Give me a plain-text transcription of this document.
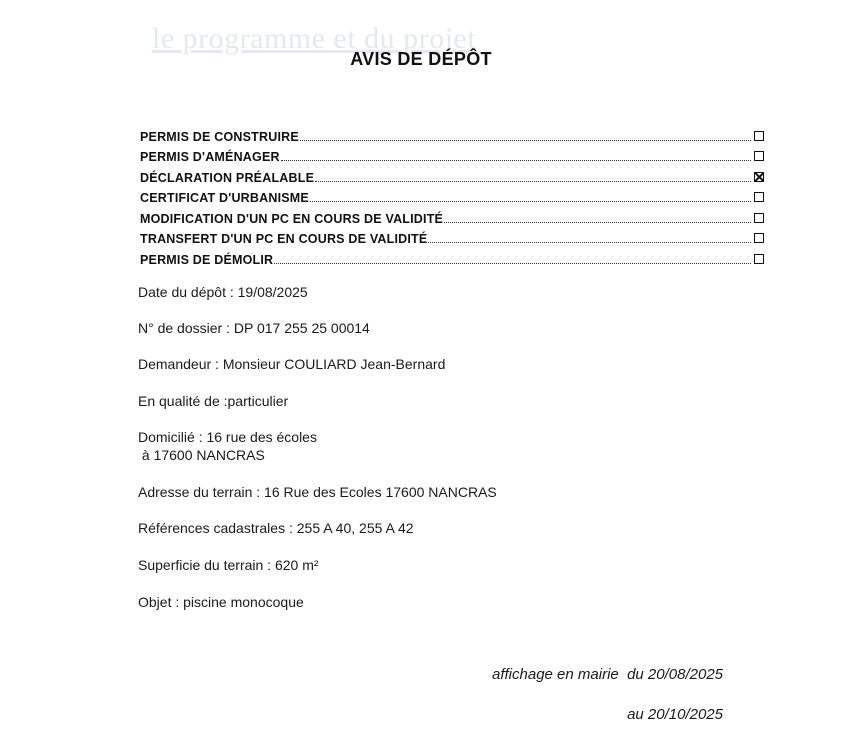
le programme et du projet
AVIS DE DÉPÔT
PERMIS DE CONSTRUIRE
PERMIS D'AMÉNAGER
DÉCLARATION PRÉALABLE
CERTIFICAT D'URBANISME
MODIFICATION D'UN PC EN COURS DE VALIDITÉ
TRANSFERT D'UN PC EN COURS DE VALIDITÉ
PERMIS DE DÉMOLIR
Date du dépôt : 19/08/2025
N° de dossier : DP 017 255 25 00014
Demandeur : Monsieur COULIARD Jean-Bernard
En qualité de :particulier
Domicilié : 16 rue des écoles
à 17600 NANCRAS
Adresse du terrain : 16 Rue des Ecoles 17600 NANCRAS
Références cadastrales : 255 A 40, 255 A 42
Superficie du terrain : 620 m²
Objet : piscine monocoque
affichage en mairie  du 20/08/2025
au 20/10/2025
